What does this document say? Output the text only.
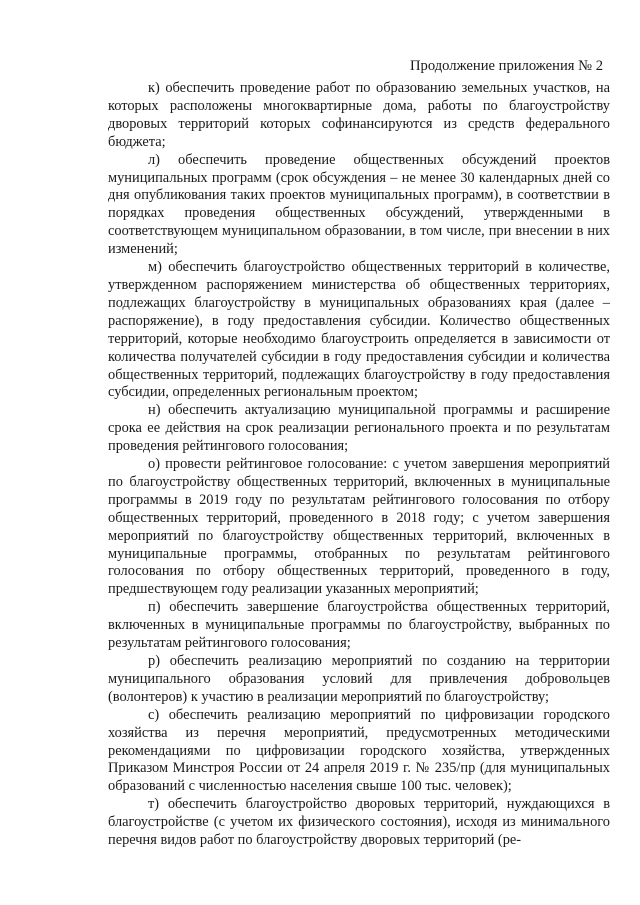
Продолжение приложения № 2

к) обеспечить проведение работ по образованию земельных участков, на которых расположены многоквартирные дома, работы по благоустройству дворовых территорий которых софинансируются из средств федерального бюджета;

л) обеспечить проведение общественных обсуждений проектов муниципальных программ (срок обсуждения – не менее 30 календарных дней со дня опубликования таких проектов муниципальных программ), в соответствии в порядках проведения общественных обсуждений, утвержденными в соответствующем муниципальном образовании, в том числе, при внесении в них изменений;

м) обеспечить благоустройство общественных территорий в количестве, утвержденном распоряжением министерства об общественных территориях, подлежащих благоустройству в муниципальных образованиях края (далее – распоряжение), в году предоставления субсидии. Количество общественных территорий, которые необходимо благоустроить определяется в зависимости от количества получателей субсидии в году предоставления субсидии и количества общественных территорий, подлежащих благоустройству в году предоставления субсидии, определенных региональным проектом;

н) обеспечить актуализацию муниципальной программы и расширение срока ее действия на срок реализации регионального проекта и по результатам проведения рейтингового голосования;

о) провести рейтинговое голосование: с учетом завершения мероприятий по благоустройству общественных территорий, включенных в муниципальные программы в 2019 году по результатам рейтингового голосования по отбору общественных территорий, проведенного в 2018 году; с учетом завершения мероприятий по благоустройству общественных территорий, включенных в муниципальные программы, отобранных по результатам рейтингового голосования по отбору общественных территорий, проведенного в году, предшествующем году реализации указанных мероприятий;

п) обеспечить завершение благоустройства общественных территорий, включенных в муниципальные программы по благоустройству, выбранных по результатам рейтингового голосования;

р) обеспечить реализацию мероприятий по созданию на территории муниципального образования условий для привлечения добровольцев (волонтеров) к участию в реализации мероприятий по благоустройству;

с) обеспечить реализацию мероприятий по цифровизации городского хозяйства из перечня мероприятий, предусмотренных методическими рекомендациями по цифровизации городского хозяйства, утвержденных Приказом Минстроя России от 24 апреля 2019 г. № 235/пр (для муниципальных образований с численностью населения свыше 100 тыс. человек);

т) обеспечить благоустройство дворовых территорий, нуждающихся в благоустройстве (с учетом их физического состояния), исходя из минимального перечня видов работ по благоустройству дворовых территорий (ре-
